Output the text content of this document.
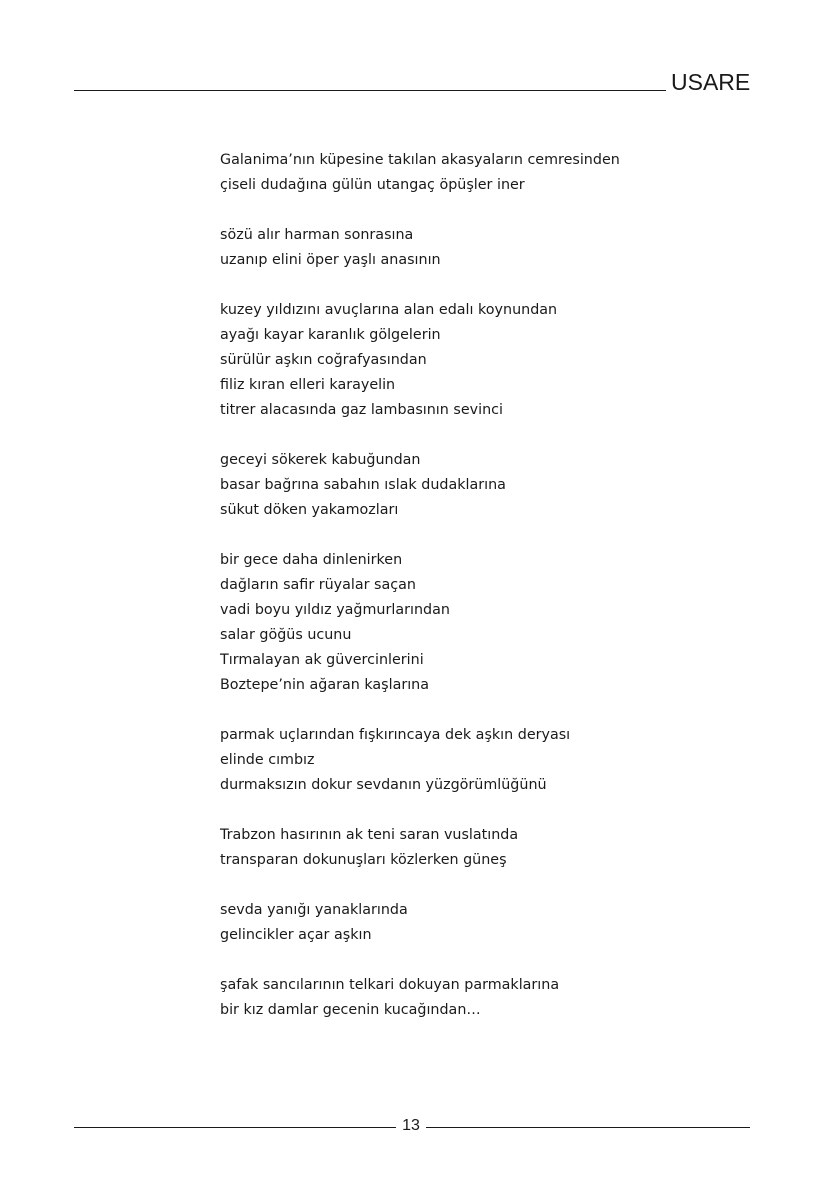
USARE
Galanima’nın küpesine takılan akasyaların cemresinden
çiseli dudağına gülün utangaç öpüşler iner
sözü alır harman sonrasına
uzanıp elini öper yaşlı anasının
kuzey yıldızını avuçlarına alan edalı koynundan
ayağı kayar karanlık gölgelerin
sürülür aşkın coğrafyasından
filiz kıran elleri karayelin
titrer alacasında gaz lambasının sevinci
geceyi sökerek kabuğundan
basar bağrına sabahın ıslak dudaklarına
sükut döken yakamozları
bir gece daha dinlenirken
dağların safir rüyalar saçan
vadi boyu yıldız yağmurlarından
salar göğüs ucunu
Tırmalayan ak güvercinlerini
Boztepe’nin ağaran kaşlarına
parmak uçlarından fışkırıncaya dek aşkın deryası
elinde cımbız
durmaksızın dokur sevdanın yüzgörümlüğünü
Trabzon hasırının ak teni saran vuslatında
transparan dokunuşları közlerken güneş
sevda yanığı yanaklarında
gelincikler açar aşkın
şafak sancılarının telkari dokuyan parmaklarına
bir kız damlar gecenin kucağından…
13
